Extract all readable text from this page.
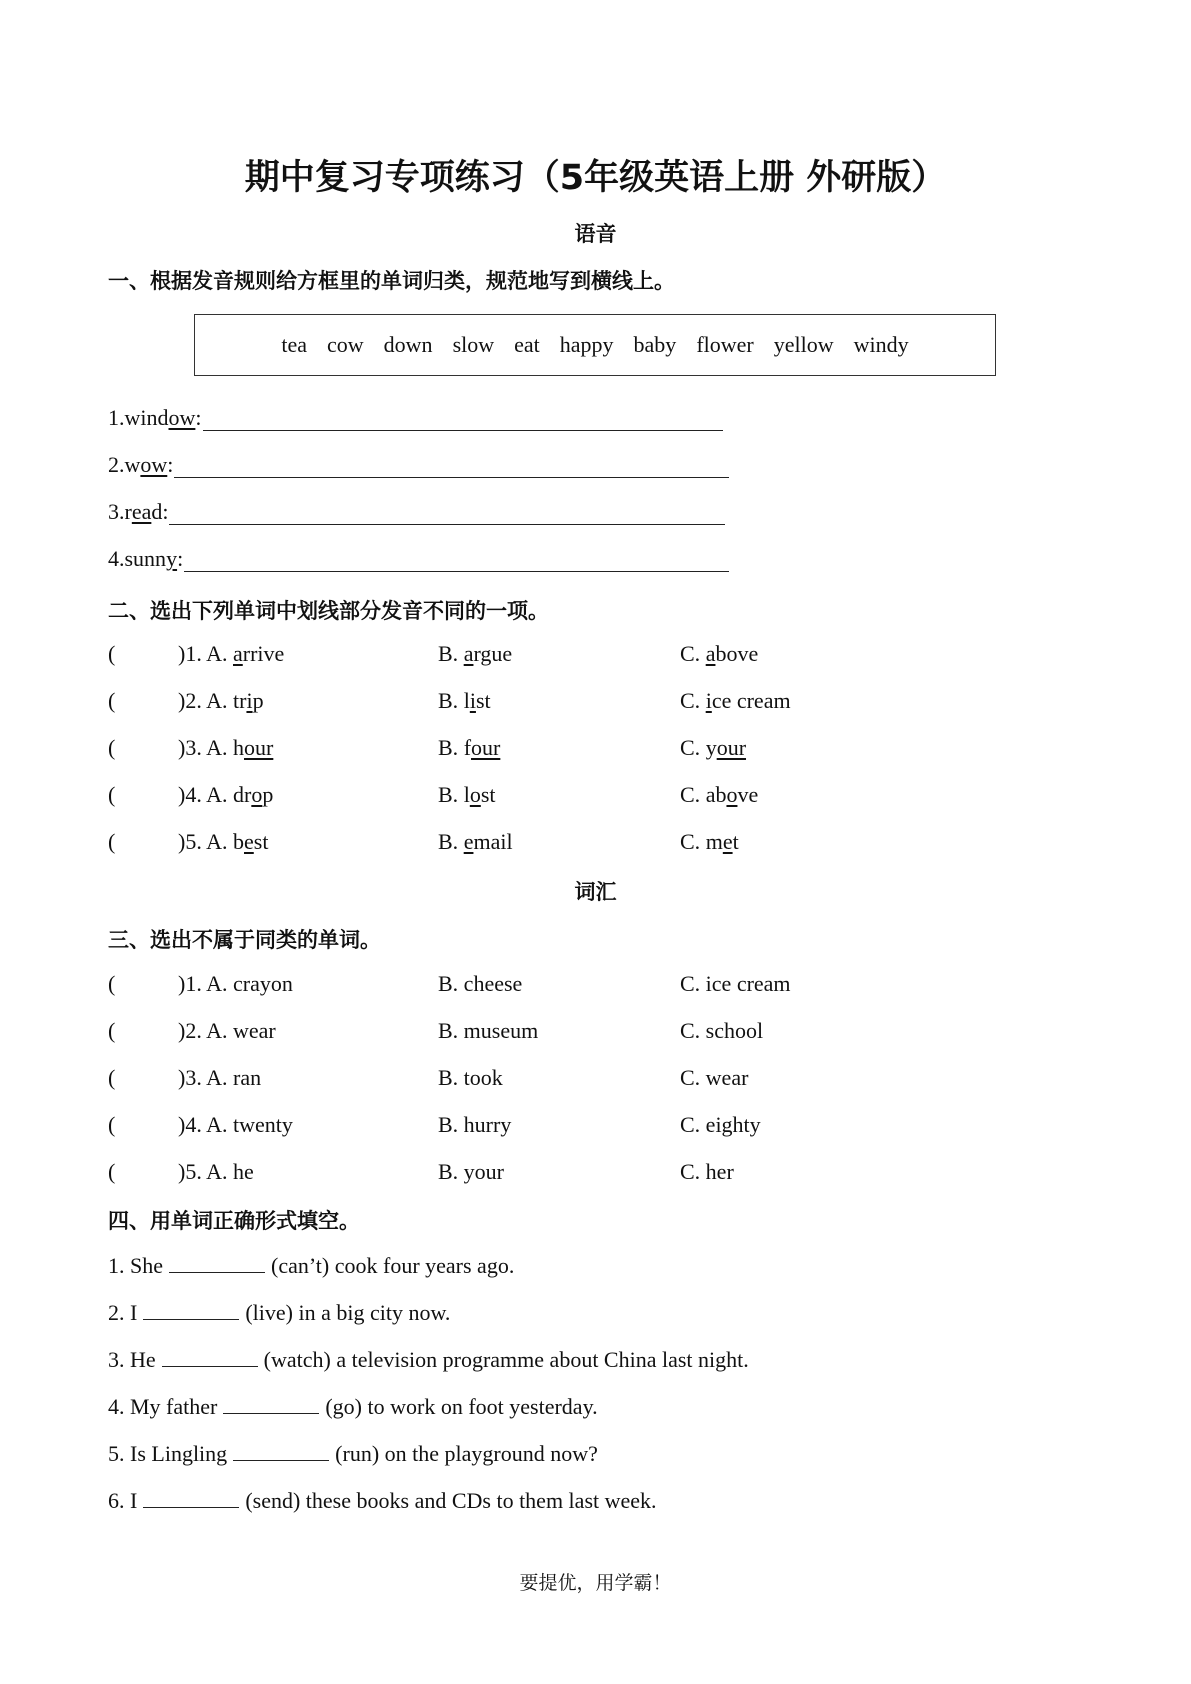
期中复习专项练习（5年级英语上册 外研版）
语音
一、根据发音规则给方框里的单词归类，规范地写到横线上。
tea cow down slow eat happy baby flower yellow windy
1. wind ow :
2. w ow :
3. r ea d :
4. sunn y :
二、选出下列单词中划线部分发音不同的一项。
(	)1. A. arrive	B. argue	C. above
(	)2. A. trip	B. list	C. ice cream
(	)3. A. hour	B. four	C. your
(	)4. A. drop	B. lost	C. above
(	)5. A. best	B. email	C. met
词汇
三、选出不属于同类的单词。
(	)1. A. crayon	B. cheese	C. ice cream
(	)2. A. wear	B. museum	C. school
(	)3. A. ran	B. took	C. wear
(	)4. A. twenty	B. hurry	C. eighty
(	)5. A. he	B. your	C. her
四、用单词正确形式填空。
1. She	(can’t) cook four years ago.
2. I	(live) in a big city now.
3. He	(watch) a television programme about China last night.
4. My father	(go) to work on foot yesterday.
5. Is Lingling	(run) on the playground now?
6. I	(send) these books and CDs to them last week.
要提优，用学霸！
